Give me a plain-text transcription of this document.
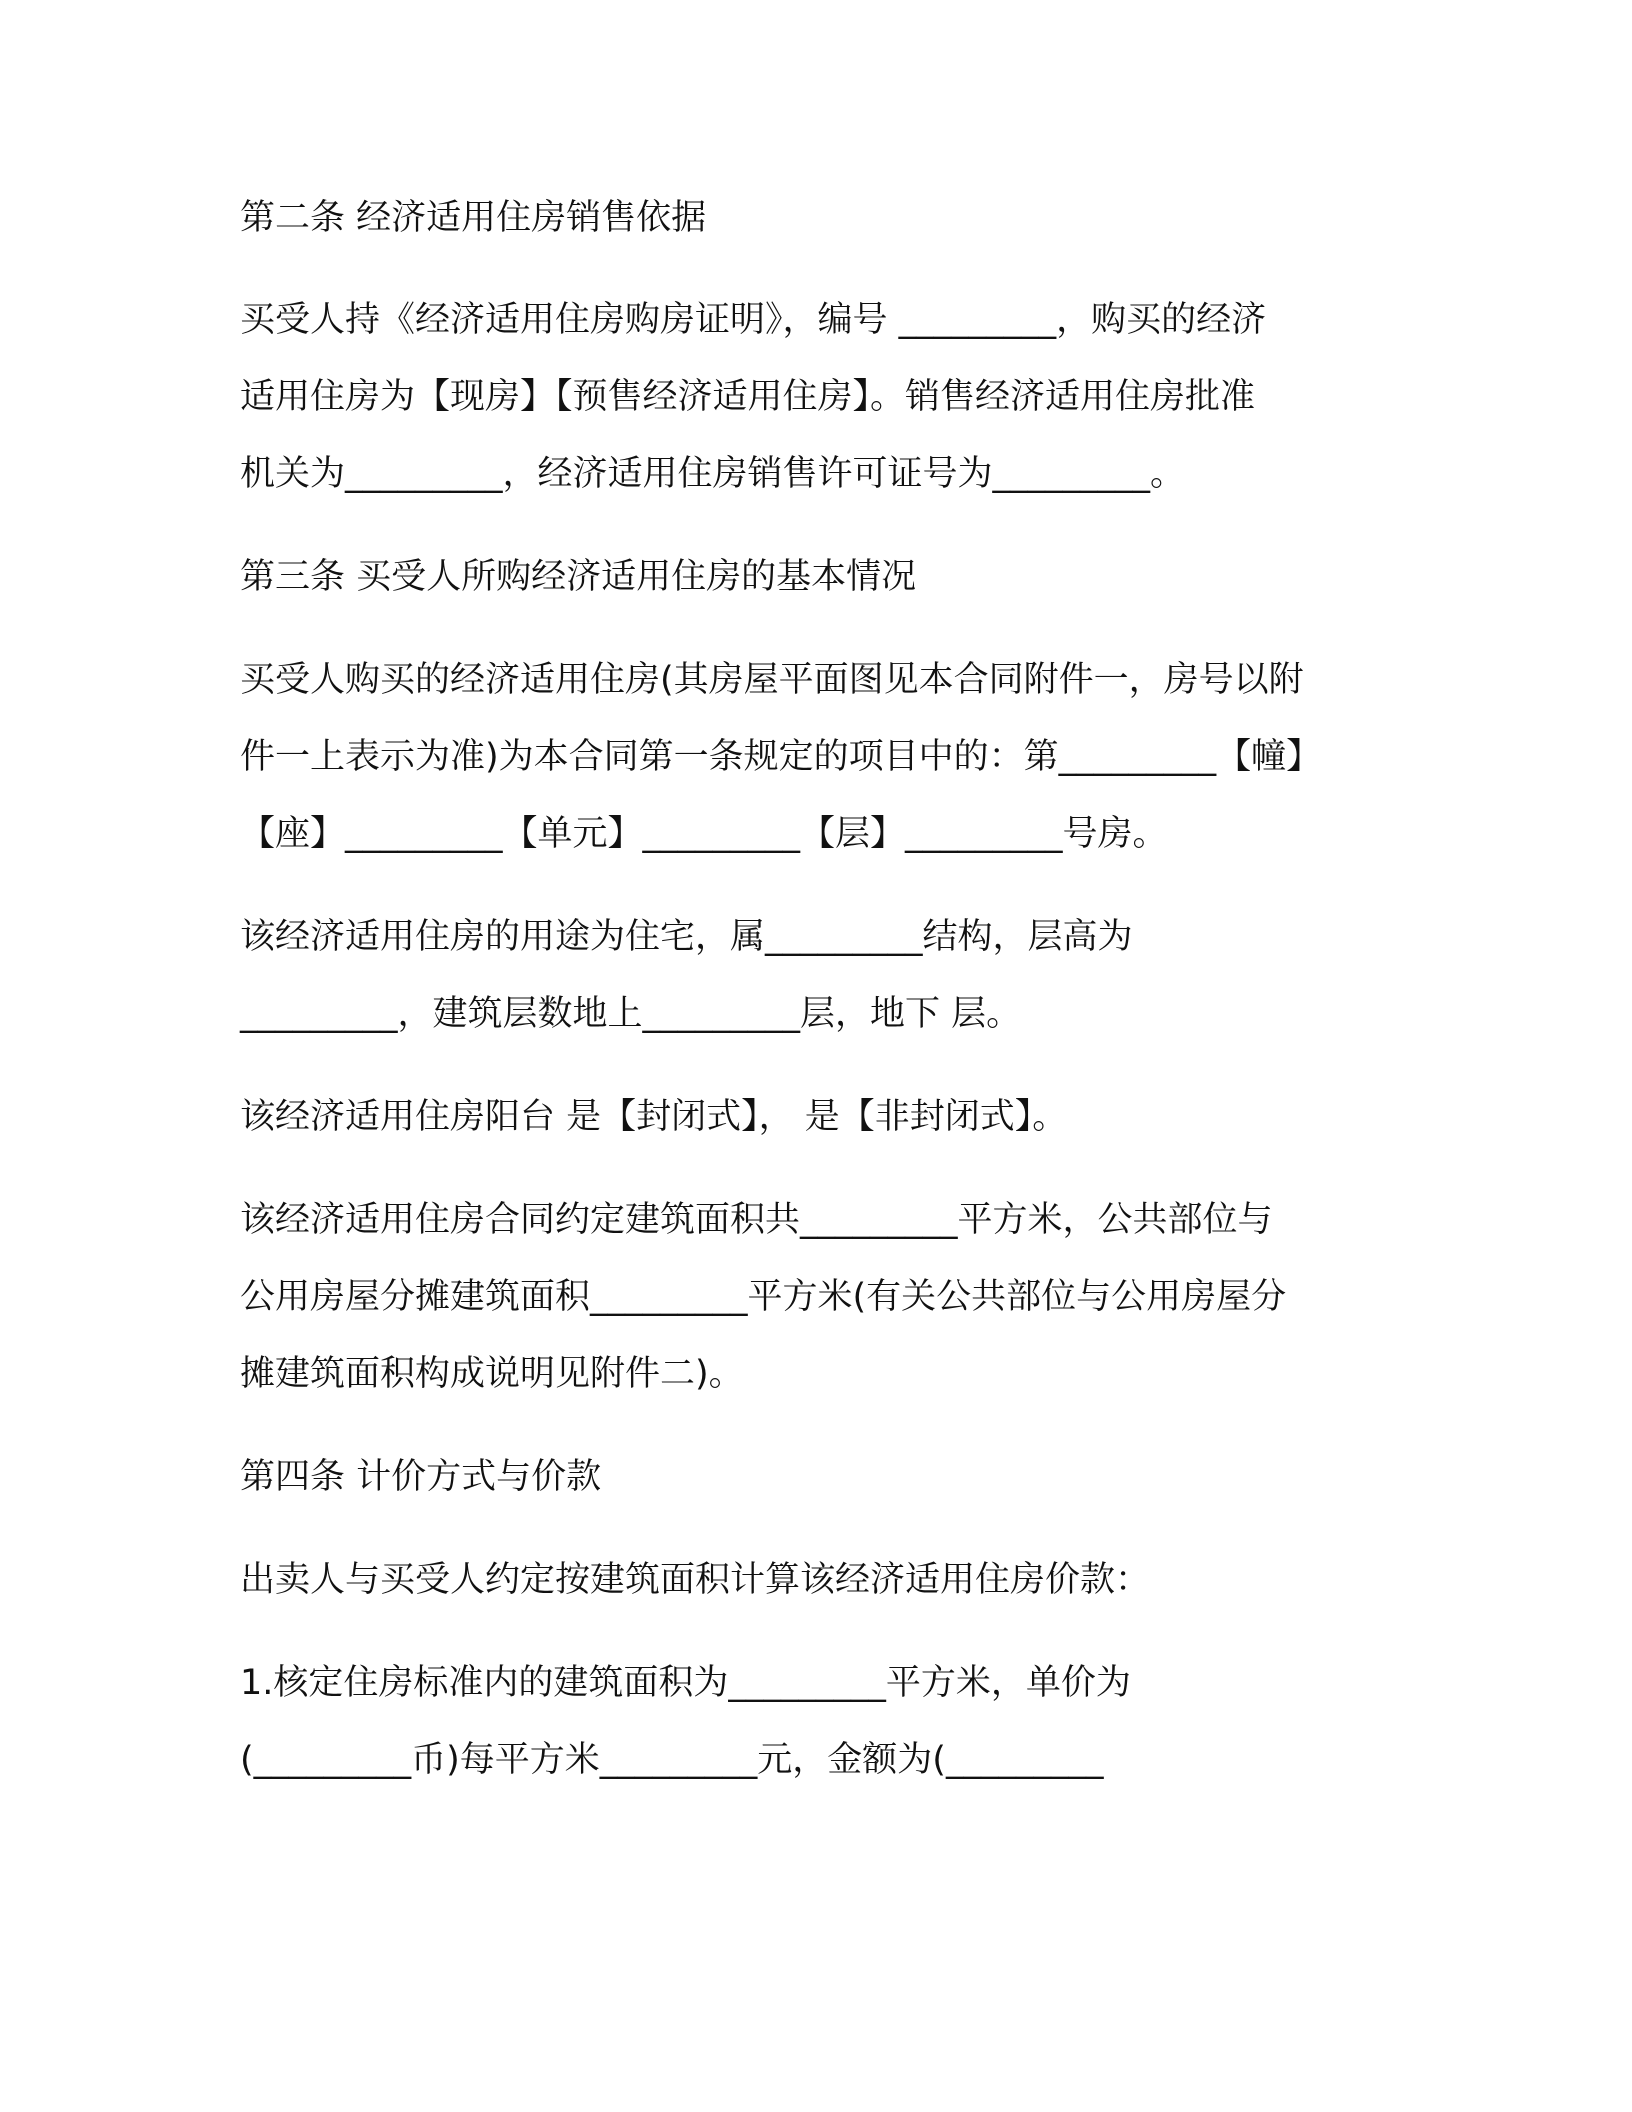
第二条 经济适用住房销售依据
买受人持《经济适用住房购房证明》，编号 _________，购买的经济
适用住房为【现房】【预售经济适用住房】。销售经济适用住房批准
机关为_________，经济适用住房销售许可证号为_________。
第三条 买受人所购经济适用住房的基本情况
买受人购买的经济适用住房(其房屋平面图见本合同附件一，房号以附
件一上表示为准)为本合同第一条规定的项目中的：第_________【幢】
【座】_________【单元】_________【层】_________号房。
该经济适用住房的用途为住宅，属_________结构，层高为
_________，建筑层数地上_________层，地下 层。
该经济适用住房阳台 是【封闭式】， 是【非封闭式】。
该经济适用住房合同约定建筑面积共_________平方米，公共部位与
公用房屋分摊建筑面积_________平方米(有关公共部位与公用房屋分
摊建筑面积构成说明见附件二)。
第四条 计价方式与价款
出卖人与买受人约定按建筑面积计算该经济适用住房价款：
1.核定住房标准内的建筑面积为_________平方米，单价为
(_________币)每平方米_________元，金额为(_________
